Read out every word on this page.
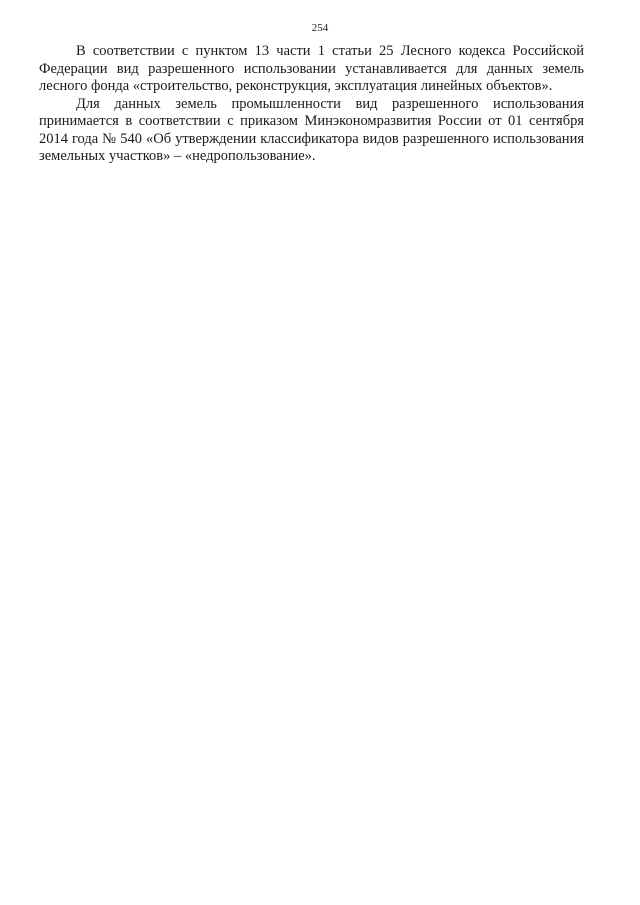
254

В соответствии с пунктом 13 части 1 статьи 25 Лесного кодекса Российской Федерации вид разрешенного использовании устанавливается для данных земель лесного фонда «строительство, реконструкция, эксплуатация линейных объектов».

Для данных земель промышленности вид разрешенного использования принимается в соответствии с приказом Минэкономразвития России от 01 сентября 2014 года № 540 «Об утверждении классификатора видов разрешенного использования земельных участков» – «недропользование».
